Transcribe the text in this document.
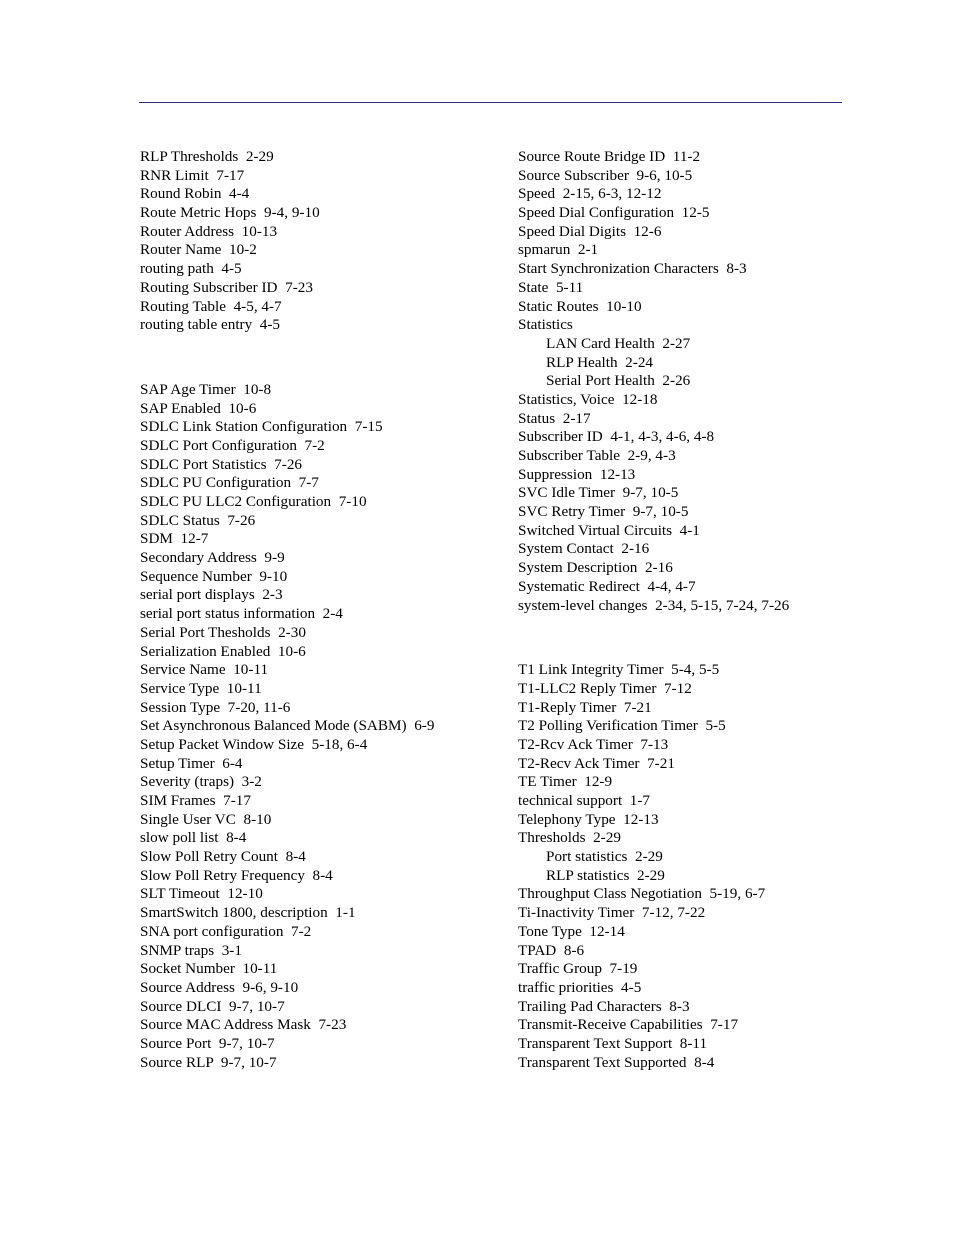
RLP Thresholds  2-29
RNR Limit  7-17
Round Robin  4-4
Route Metric Hops  9-4, 9-10
Router Address  10-13
Router Name  10-2
routing path  4-5
Routing Subscriber ID  7-23
Routing Table  4-5, 4-7
routing table entry  4-5
SAP Age Timer  10-8
SAP Enabled  10-6
SDLC Link Station Configuration  7-15
SDLC Port Configuration  7-2
SDLC Port Statistics  7-26
SDLC PU Configuration  7-7
SDLC PU LLC2 Configuration  7-10
SDLC Status  7-26
SDM  12-7
Secondary Address  9-9
Sequence Number  9-10
serial port displays  2-3
serial port status information  2-4
Serial Port Thesholds  2-30
Serialization Enabled  10-6
Service Name  10-11
Service Type  10-11
Session Type  7-20, 11-6
Set Asynchronous Balanced Mode (SABM)  6-9
Setup Packet Window Size  5-18, 6-4
Setup Timer  6-4
Severity (traps)  3-2
SIM Frames  7-17
Single User VC  8-10
slow poll list  8-4
Slow Poll Retry Count  8-4
Slow Poll Retry Frequency  8-4
SLT Timeout  12-10
SmartSwitch 1800, description  1-1
SNA port configuration  7-2
SNMP traps  3-1
Socket Number  10-11
Source Address  9-6, 9-10
Source DLCI  9-7, 10-7
Source MAC Address Mask  7-23
Source Port  9-7, 10-7
Source RLP  9-7, 10-7
Source Route Bridge ID  11-2
Source Subscriber  9-6, 10-5
Speed  2-15, 6-3, 12-12
Speed Dial Configuration  12-5
Speed Dial Digits  12-6
spmarun  2-1
Start Synchronization Characters  8-3
State  5-11
Static Routes  10-10
Statistics
LAN Card Health  2-27
RLP Health  2-24
Serial Port Health  2-26
Statistics, Voice  12-18
Status  2-17
Subscriber ID  4-1, 4-3, 4-6, 4-8
Subscriber Table  2-9, 4-3
Suppression  12-13
SVC Idle Timer  9-7, 10-5
SVC Retry Timer  9-7, 10-5
Switched Virtual Circuits  4-1
System Contact  2-16
System Description  2-16
Systematic Redirect  4-4, 4-7
system-level changes  2-34, 5-15, 7-24, 7-26
T1 Link Integrity Timer  5-4, 5-5
T1-LLC2 Reply Timer  7-12
T1-Reply Timer  7-21
T2 Polling Verification Timer  5-5
T2-Rcv Ack Timer  7-13
T2-Recv Ack Timer  7-21
TE Timer  12-9
technical support  1-7
Telephony Type  12-13
Thresholds  2-29
Port statistics  2-29
RLP statistics  2-29
Throughput Class Negotiation  5-19, 6-7
Ti-Inactivity Timer  7-12, 7-22
Tone Type  12-14
TPAD  8-6
Traffic Group  7-19
traffic priorities  4-5
Trailing Pad Characters  8-3
Transmit-Receive Capabilities  7-17
Transparent Text Support  8-11
Transparent Text Supported  8-4
